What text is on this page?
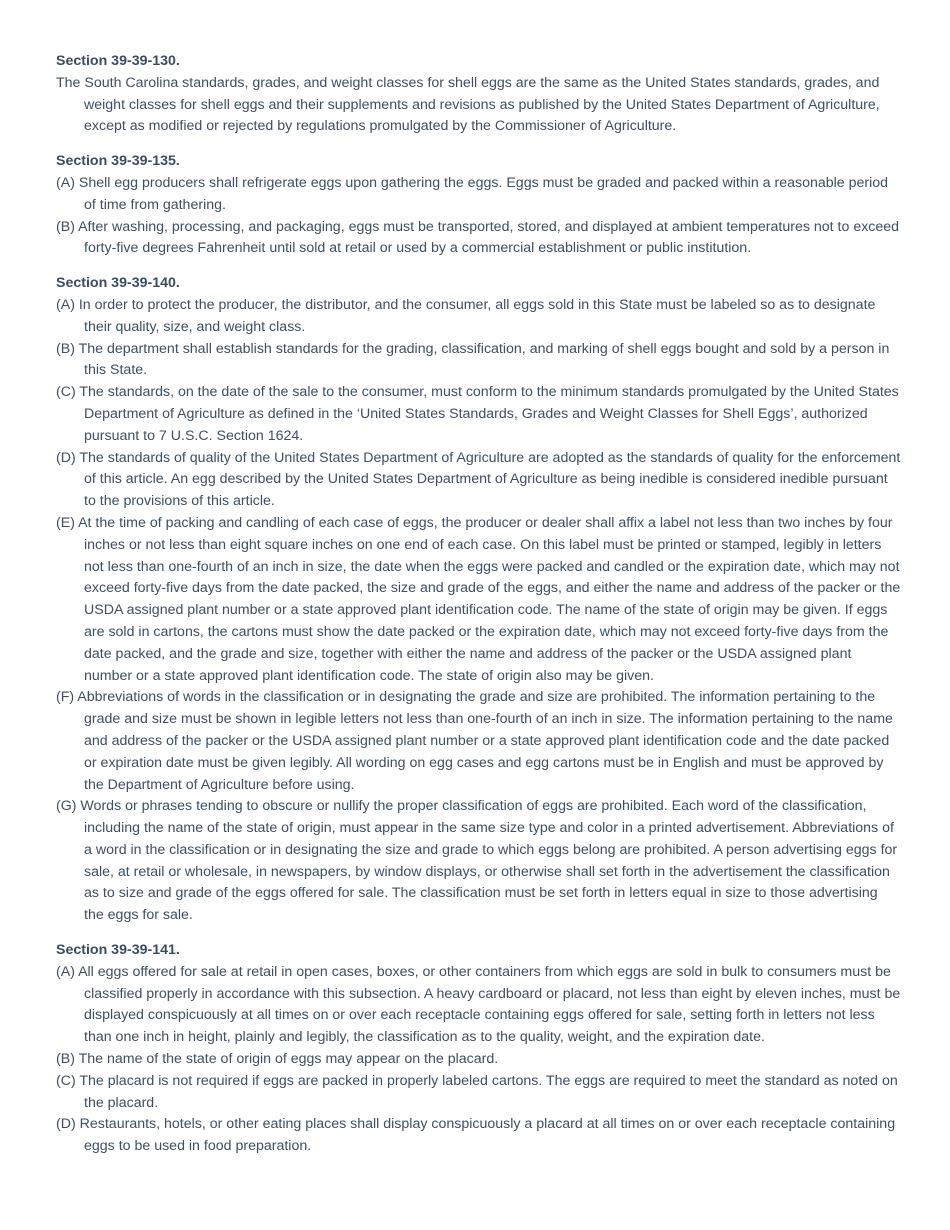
Section 39-39-130.

The South Carolina standards, grades, and weight classes for shell eggs are the same as the United States standards, grades, and weight classes for shell eggs and their supplements and revisions as published by the United States Department of Agriculture, except as modified or rejected by regulations promulgated by the Commissioner of Agriculture.

Section 39-39-135.

(A) Shell egg producers shall refrigerate eggs upon gathering the eggs. Eggs must be graded and packed within a reasonable period of time from gathering.

(B) After washing, processing, and packaging, eggs must be transported, stored, and displayed at ambient temperatures not to exceed forty-five degrees Fahrenheit until sold at retail or used by a commercial establishment or public institution.

Section 39-39-140.

(A) In order to protect the producer, the distributor, and the consumer, all eggs sold in this State must be labeled so as to designate their quality, size, and weight class.

(B) The department shall establish standards for the grading, classification, and marking of shell eggs bought and sold by a person in this State.

(C) The standards, on the date of the sale to the consumer, must conform to the minimum standards promulgated by the United States Department of Agriculture as defined in the ‘United States Standards, Grades and Weight Classes for Shell Eggs’, authorized pursuant to 7 U.S.C. Section 1624.

(D) The standards of quality of the United States Department of Agriculture are adopted as the standards of quality for the enforcement of this article. An egg described by the United States Department of Agriculture as being inedible is considered inedible pursuant to the provisions of this article.

(E) At the time of packing and candling of each case of eggs, the producer or dealer shall affix a label not less than two inches by four inches or not less than eight square inches on one end of each case. On this label must be printed or stamped, legibly in letters not less than one-fourth of an inch in size, the date when the eggs were packed and candled or the expiration date, which may not exceed forty-five days from the date packed, the size and grade of the eggs, and either the name and address of the packer or the USDA assigned plant number or a state approved plant identification code. The name of the state of origin may be given. If eggs are sold in cartons, the cartons must show the date packed or the expiration date, which may not exceed forty-five days from the date packed, and the grade and size, together with either the name and address of the packer or the USDA assigned plant number or a state approved plant identification code. The state of origin also may be given.

(F) Abbreviations of words in the classification or in designating the grade and size are prohibited. The information pertaining to the grade and size must be shown in legible letters not less than one-fourth of an inch in size. The information pertaining to the name and address of the packer or the USDA assigned plant number or a state approved plant identification code and the date packed or expiration date must be given legibly. All wording on egg cases and egg cartons must be in English and must be approved by the Department of Agriculture before using.

(G) Words or phrases tending to obscure or nullify the proper classification of eggs are prohibited. Each word of the classification, including the name of the state of origin, must appear in the same size type and color in a printed advertisement. Abbreviations of a word in the classification or in designating the size and grade to which eggs belong are prohibited. A person advertising eggs for sale, at retail or wholesale, in newspapers, by window displays, or otherwise shall set forth in the advertisement the classification as to size and grade of the eggs offered for sale. The classification must be set forth in letters equal in size to those advertising the eggs for sale.

Section 39-39-141.

(A) All eggs offered for sale at retail in open cases, boxes, or other containers from which eggs are sold in bulk to consumers must be classified properly in accordance with this subsection. A heavy cardboard or placard, not less than eight by eleven inches, must be displayed conspicuously at all times on or over each receptacle containing eggs offered for sale, setting forth in letters not less than one inch in height, plainly and legibly, the classification as to the quality, weight, and the expiration date.

(B) The name of the state of origin of eggs may appear on the placard.

(C) The placard is not required if eggs are packed in properly labeled cartons. The eggs are required to meet the standard as noted on the placard.

(D) Restaurants, hotels, or other eating places shall display conspicuously a placard at all times on or over each receptacle containing eggs to be used in food preparation.
